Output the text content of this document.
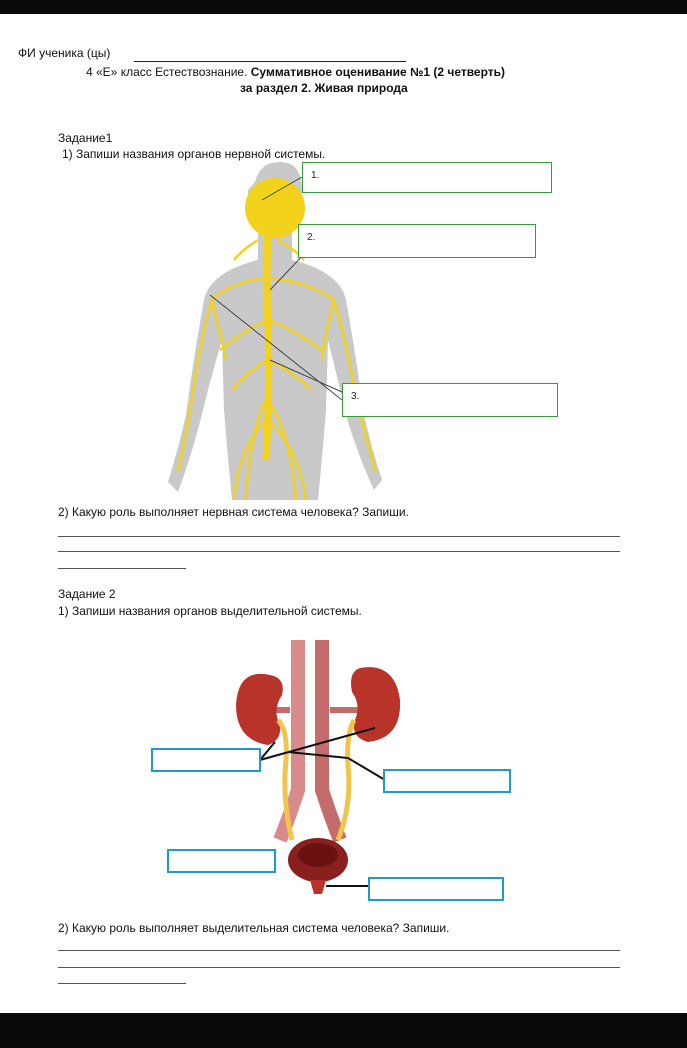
ФИ ученика (цы)
4 «Е» класс Естествознание. Суммативное оценивание №1 (2 четверть)
за раздел 2. Живая природа
Задание1
1) Запиши названия органов нервной системы.
1.
2.
3.
2) Какую роль выполняет нервная система человека? Запиши.
Задание 2
1) Запиши названия органов выделительной системы.
2) Какую роль выполняет выделительная система человека? Запиши.
